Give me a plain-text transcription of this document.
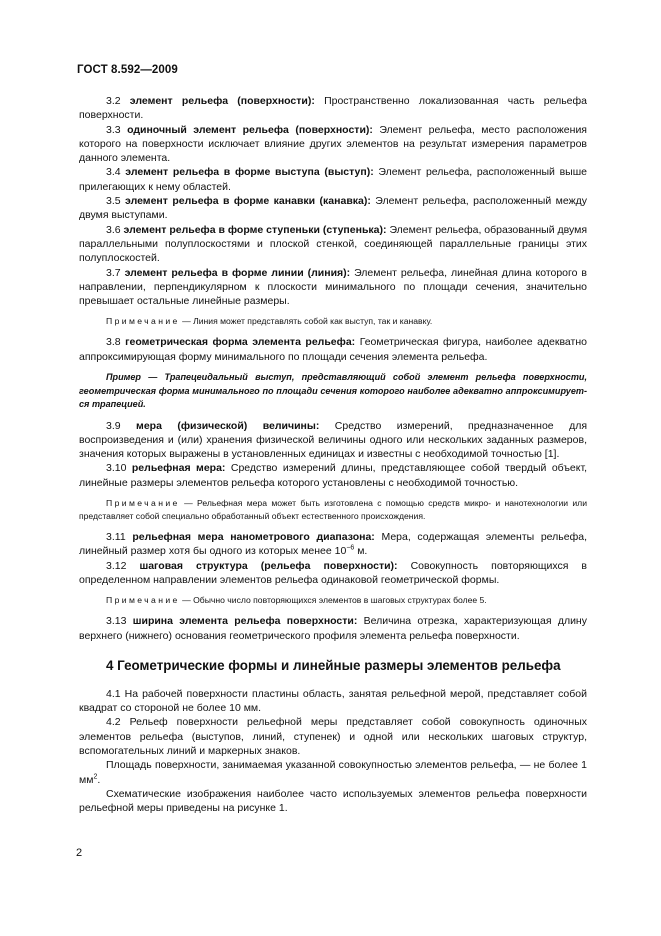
ГОСТ 8.592—2009

3.2 элемент рельефа (поверхности): Пространственно локализованная часть рельефа поверхности.

3.3 одиночный элемент рельефа (поверхности): Элемент рельефа, место расположения которого на поверхности исключает влияние других элементов на результат измерения параметров данного элемента.

3.4 элемент рельефа в форме выступа (выступ): Элемент рельефа, расположенный выше прилегающих к нему областей.

3.5 элемент рельефа в форме канавки (канавка): Элемент рельефа, расположенный между двумя выступами.

3.6 элемент рельефа в форме ступеньки (ступенька): Элемент рельефа, образованный двумя параллельными полуплоскостями и плоской стенкой, соединяющей параллельные границы этих полуплоскостей.

3.7 элемент рельефа в форме линии (линия): Элемент рельефа, линейная длина которого в направлении, перпендикулярном к плоскости минимального по площади сечения, значительно превышает остальные линейные размеры.

Примечание — Линия может представлять собой как выступ, так и канавку.

3.8 геометрическая форма элемента рельефа: Геометрическая фигура, наиболее адекватно аппроксимирующая форму минимального по площади сечения элемента рельефа.

Пример — Трапецеидальный выступ, представляющий собой элемент рельефа поверхности, геометрическая форма минимального по площади сечения которого наиболее адекватно аппроксимирует-ся трапецией.

3.9 мера (физической) величины: Средство измерений, предназначенное для воспроизведения и (или) хранения физической величины одного или нескольких заданных размеров, значения которых выражены в установленных единицах и известны с необходимой точностью [1].

3.10 рельефная мера: Средство измерений длины, представляющее собой твердый объект, линейные размеры элементов рельефа которого установлены с необходимой точностью.

Примечание — Рельефная мера может быть изготовлена с помощью средств микро- и нанотехнологии или представляет собой специально обработанный объект естественного происхождения.

3.11 рельефная мера нанометрового диапазона: Мера, содержащая элементы рельефа, линейный размер хотя бы одного из которых менее $10^{-6}$ м.

3.12 шаговая структура (рельефа поверхности): Совокупность повторяющихся в определенном направлении элементов рельефа одинаковой геометрической формы.

Примечание — Обычно число повторяющихся элементов в шаговых структурах более 5.

3.13 ширина элемента рельефа поверхности: Величина отрезка, характеризующая длину верхнего (нижнего) основания геометрического профиля элемента рельефа поверхности.

4 Геометрические формы и линейные размеры элементов рельефа

4.1 На рабочей поверхности пластины область, занятая рельефной мерой, представляет собой квадрат со стороной не более 10 мм.

4.2 Рельеф поверхности рельефной меры представляет собой совокупность одиночных элементов рельефа (выступов, линий, ступенек) и одной или нескольких шаговых структур, вспомогательных линий и маркерных знаков.

Площадь поверхности, занимаемая указанной совокупностью элементов рельефа, — не более 1 $мм^2$.

Схематические изображения наиболее часто используемых элементов рельефа поверхности рельефной меры приведены на рисунке 1.

2
